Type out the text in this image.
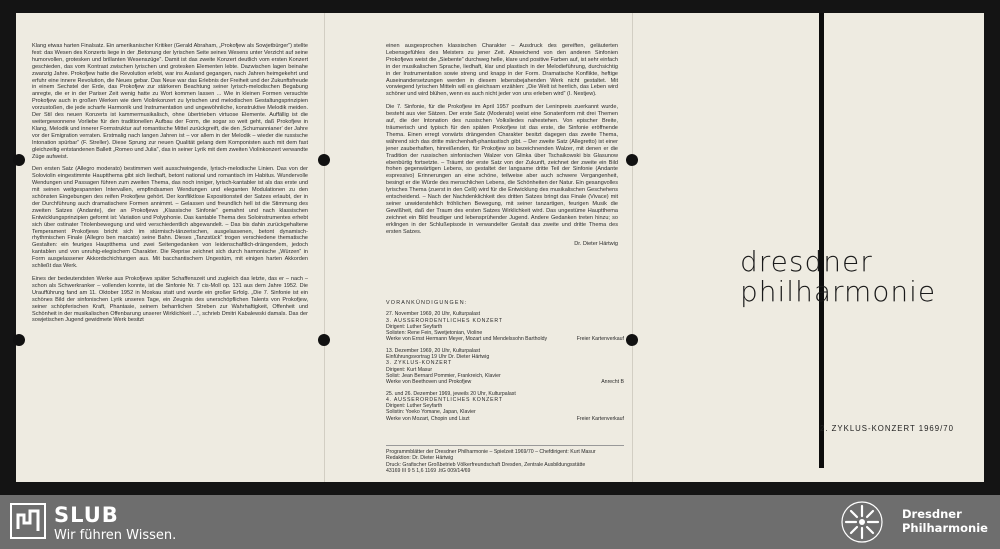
Klang etwas harten Finalsatz. Ein amerikanischer Kritiker (Gerald Abraham, „Prokofjew als Sowjetbürger“) stellte fest: das Wesen des Konzerts liege in der ‚Betonung der lyrischen Seite seines Wesens unter Verzicht auf seine humorvollen, grotesken und brillanten Wesenszüge“. Damit ist das zweite Konzert deutlich vom ersten Konzert geschieden, das vom Kontrast zwischen lyrischen und grotesken Elementen lebte. Dazwischen lagen beinahe zwanzig Jahre. Prokofjew hatte die Revolution erlebt, war ins Ausland gegangen, nach Jahren heimgekehrt und erfuhr eine innere Revolution, die Neues gebar. Das Neue war das Erlebnis der Freiheit und der Zukunftsfreude in einem Sechstel der Erde, das Prokofjew zur stärkeren Beachtung seiner lyrisch-melodischen Begabung anregte, die er in der Pariser Zeit wenig hatte zu Wort kommen lassen ... Wie in kleinen Formen versuchte Prokofjew auch in großen Werken wie dem Violinkonzert zu lyrischen und melodischen Gestaltungsprinzipien vorzustoßen, die jede scharfe Harmonik und Instrumentation und ungewöhnliche, konstruktive Melodik meiden. Der Stil des neuen Konzerts ist kammermusikalisch, ohne übertrieben virtuose Elemente. Auffällig ist die weitergewonnene Vorliebe für den traditionellen Aufbau der Form, die sogar so weit geht, daß Prokofjew in Klang, Melodik und innerer Formstruktur auf romantische Mittel zurückgreift, die den ‚Schumannianer‘ der Jahre vor der Emigration verraten. Erstmalig nach langen Jahren ist – vor allem in der Melodik – wieder die russische Intonation spürbar“ (F. Streller). Diese Sprung zur neuen Qualität gelang dem Komponisten auch mit dem fast gleichzeitig entstandenen Ballett „Romeo und Julia“, das in seiner Lyrik mit dem zweiten Violinkonzert verwandte Züge aufweist.

Den ersten Satz (Allegro moderato) bestimmen weit ausschwingende, lyrisch-melodische Linien. Das von der Soloviolin eingestimmte Hauptthema gibt sich liedhaft, betont national und romantisch im Habitus. Wundervolle Wendungen und Passagen führen zum zweiten Thema, das noch inniger, lyrisch-kantabler ist als das erste und mit seinen weitgespannten Intervallen, empfindsamen Wendungen und eleganten Modulationen zu den schönsten Eingebungen des reifen Prokofjew gehört. Der konfliktlose Expositionsteil der Satzes erlaubt, der in der Durchführung auch dramatischere Formen annimmt. – Gelassen und freundlich hell ist die Stimmung des zweiten Satzes (Andante), der an Prokofjews „Klassische Sinfonie“ gemahnt und nach klassischen Entwicklungsprinzipien geformt ist: Variation und Polyphonie. Das kantable Thema des Soloinstrumentes erhebt sich über ostinater Triolenbewegung und wird verschiedentlich abgewandelt. – Das bis dahin zurückgehaltene Temperament Prokofjews bricht sich im stürmisch-tänzerischen, ausgelassenen, betont dynamisch-rhythmischen Finale (Allegro ben marcato) seine Bahn. Dieses „Tanzstück“ trogen verschiedene thematische Gestalten: ein feuriges Hauptthema und zwei Seitengedanken von leidenschaftlich-drängendem, jedoch kantablen und von unruhig-elegischem Charakter. Die Reprise zeichnet sich durch harmonische „Würzen“ in Form ausgelassener Akkordschichtungen aus. Mit bacchantischem Ungestüm, mit einigen harten Akkorden schließt das Werk.

Eines der bedeutendsten Werke aus Prokofjews später Schaffenszeit und zugleich das letzte, das er – nach – schon als Schwerkranker – vollenden konnte, ist die Sinfonie Nr. 7 cis-Moll op. 131 aus dem Jahre 1952. Die Uraufführung fand am 11. Oktober 1952 in Moskau statt und wurde ein großer Erfolg. „Die 7. Sinfonie ist ein schönes Bild der sinfonischen Lyrik unseres Tage, ein Zeugnis des unerschöpflichen Talents von Prokofjew, seiner schöpferischen Kraft, Phantasie, seinem beharrlichen Streben zur Wahrhaftigkeit, Offenheit und Schönheit in der musikalischen Offenbarung unserer Wirklichkeit ...“, schrieb Dmitri Kabalewski damals. Das der sowjetischen Jugend gewidmete Werk besitzt

einen ausgesprochen klassischen Charakter – Ausdruck des gereiften, geläuterten Lebensgefühles des Meisters zu jener Zeit. Abweichend von den anderen Sinfonien Prokofjews weist die „Siebente“ durchweg helle, klare und positive Farben auf, ist sehr einfach in der musikalischen Sprache, liedhaft, klar und plastisch in der Melodieführung, durchsichtig in der Instrumentation sowie streng und knapp in der Form. Dramatische Konflikte, heftige Auseinandersetzungen werden in diesem lebensbejahenden Werk nicht gestaltet. Mit vorwiegend lyrischen Mitteln will es gleichsam erzählen: „Die Welt ist herrlich, das Leben wird schöner und wird blühen, wenn es auch nicht jeder von uns erleben wird“ (I. Nestjew).

Die 7. Sinfonie, für die Prokofjew im April 1957 posthum der Leninpreis zuerkannt wurde, besteht aus vier Sätzen. Der erste Satz (Moderato) weist eine Sonatenform mit drei Themen auf, die der Intonation des russischen Volksliedes nahestehen. Von epischer Breite, träumerisch und typisch für den späten Prokofjew ist das erste, die Sinfonie eröffnende Thema. Einen erregt vorwärts drängenden Charakter besitzt dagegen das zweite Thema, während sich das dritte märchenhaft-phantastisch gibt. – Der zweite Satz (Allegretto) ist einer jener zauberhaften, hinreißenden, für Prokofjew so bezeichnenden Walzer, mit denen er die Tradition der russischen sinfonischen Walzer von Glinka über Tschaikowski bis Glasunow ebenbürtig fortsetzte. – Träumt der erste Satz von der Zukunft, zeichnet der zweite ein Bild frohen gegenwärtigen Lebens, so gestaltet der langsame dritte Teil der Sinfonie (Andante espressivo) Erinnerungen an eine schöne, teilweise aber auch schwere Vergangenheit, besingt er die Würde des menschlichen Lebens, die Schönheiten der Natur. Ein gesangvolles lyrisches Thema (zuerst in den Celli) wird für die Entwicklung des musikalischen Geschehens entscheidend. – Nach der Nachdenklichkeit des dritten Satzes bringt das Finale (Vivace) mit seiner unwiderstehlich fröhlichen Bewegung, mit seiner tanzartigen, feurigen Musik die Gewißheit, daß der Traum des ersten Satzes Wirklichkeit wird. Das ungestüme Hauptthema zeichnet ein Bild freudiger und lebensprühender Jugend. Andere Gedanken treten hinzu; so erklingen in der Schlußepisode in verwandelter Gestalt das zweite und dritte Thema des ersten Satzes.

Dr. Dieter Härtwig
VORANKÜNDIGUNGEN:
27. November 1969, 20 Uhr, Kulturpalast
3. AUSSERORDENTLICHES KONZERT
Dirigent: Luther Seyfarth
Solisten: Rene Fein, Swetjetonian, Violine
Werke von Ernst Hermann Meyer, Mozart und Mendelssohn Bartholdy	Freier Kartenverkauf
13. Dezember 1969, 20 Uhr, Kulturpalast
Einführungsvortrag 19 Uhr Dr. Dieter Härtwig
3. ZYKLUS-KONZERT
Dirigent: Kurt Masur
Solist: Jean Bernard Pommier, Frankreich, Klavier
Werke von Beethoven und Prokofjew	Anrecht B
25. und 26. Dezember 1969, jeweils 20 Uhr, Kulturpalast
4. AUSSERORDENTLICHES KONZERT
Dirigent: Luther Seyfarth
Solistin: Yoeko Yomane, Japan, Klavier
Werke von Mozart, Chopin und Liszt	Freier Kartenverkauf
Programmblätter der Dresdner Philharmonie – Spielzeit 1969/70 – Chefdirigent: Kurt Masur
Redaktion: Dr. Dieter Härtwig
Druck: Grafischer Großbetrieb Völkerfreundschaft Dresden, Zentrale Ausbildungsstätte
43169 III 9 5 1,6 1169 .ItG 009/14/69
dresdner
philharmonie
2. ZYKLUS-KONZERT 1969/70
SLUB
Wir führen Wissen.
Dresdner
Philharmonie
